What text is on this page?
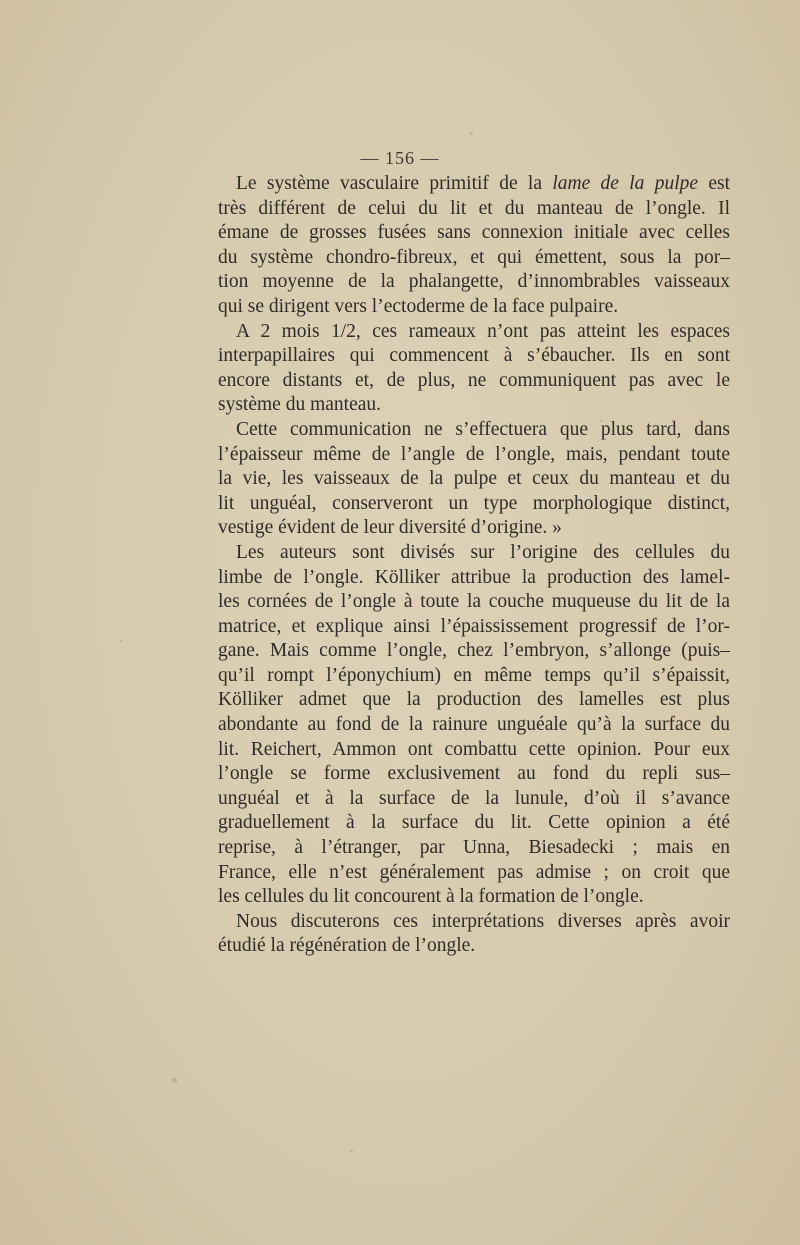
— 156 —
Le système vasculaire primitif de la lame de la pulpe est
très différent de celui du lit et du manteau de l’ongle. Il
émane de grosses fusées sans connexion initiale avec celles
du système chondro-fibreux, et qui émettent, sous la por–
tion moyenne de la phalangette, d’innombrables vaisseaux
qui se dirigent vers l’ectoderme de la face pulpaire.
A 2 mois 1/2, ces rameaux n’ont pas atteint les espaces
interpapillaires qui commencent à s’ébaucher. Ils en sont
encore distants et, de plus, ne communiquent pas avec le
système du manteau.
Cette communication ne s’effectuera que plus tard, dans
l’épaisseur même de l’angle de l’ongle, mais, pendant toute
la vie, les vaisseaux de la pulpe et ceux du manteau et du
lit unguéal, conserveront un type morphologique distinct,
vestige évident de leur diversité d’origine. »
Les auteurs sont divisés sur l’origine des cellules du
limbe de l’ongle. Kölliker attribue la production des lamel-
les cornées de l’ongle à toute la couche muqueuse du lit de la
matrice, et explique ainsi l’épaississement progressif de l’or-
gane. Mais comme l’ongle, chez l’embryon, s’allonge (puis–
qu’il rompt l’éponychium) en même temps qu’il s’épaissit,
Kölliker admet que la production des lamelles est plus
abondante au fond de la rainure unguéale qu’à la surface du
lit. Reichert, Ammon ont combattu cette opinion. Pour eux
l’ongle se forme exclusivement au fond du repli sus–
unguéal et à la surface de la lunule, d’où il s’avance
graduellement à la surface du lit. Cette opinion a été
reprise, à l’étranger, par Unna, Biesadecki ; mais en
France, elle n’est généralement pas admise ; on croit que
les cellules du lit concourent à la formation de l’ongle.
Nous discuterons ces interprétations diverses après avoir
étudié la régénération de l’ongle.
